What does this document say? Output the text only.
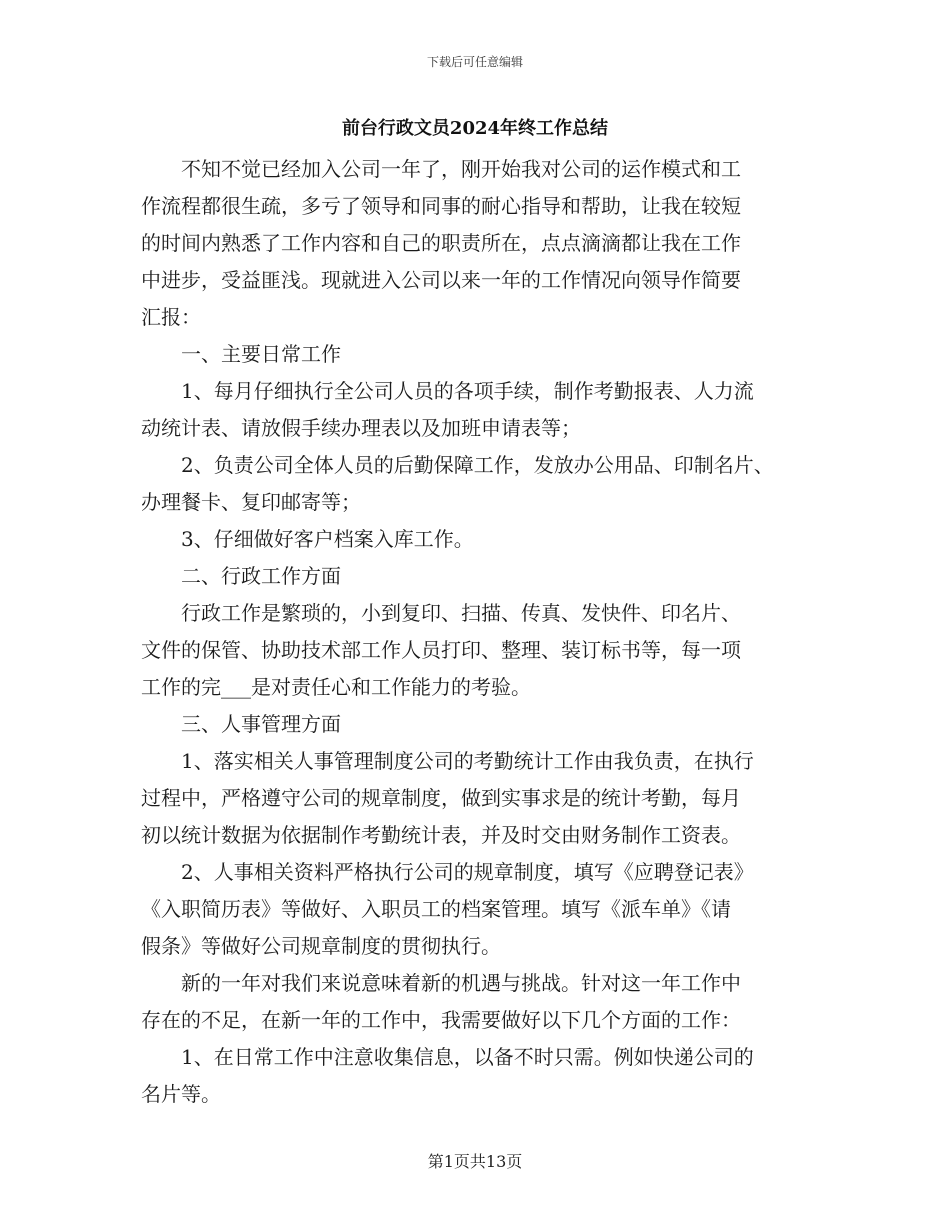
下载后可任意编辑
前台行政文员2024年终工作总结

不知不觉已经加入公司一年了，刚开始我对公司的运作模式和工
作流程都很生疏，多亏了领导和同事的耐心指导和帮助，让我在较短
的时间内熟悉了工作内容和自己的职责所在，点点滴滴都让我在工作
中进步，受益匪浅。现就进入公司以来一年的工作情况向领导作简要
汇报：

一、主要日常工作

1、每月仔细执行全公司人员的各项手续，制作考勤报表、人力流
动统计表、请放假手续办理表以及加班申请表等；

2、负责公司全体人员的后勤保障工作，发放办公用品、印制名片、
办理餐卡、复印邮寄等；

3、仔细做好客户档案入库工作。

二、行政工作方面

行政工作是繁琐的，小到复印、扫描、传真、发快件、印名片、
文件的保管、协助技术部工作人员打印、整理、装订标书等，每一项
工作的完___是对责任心和工作能力的考验。

三、人事管理方面

1、落实相关人事管理制度公司的考勤统计工作由我负责，在执行
过程中，严格遵守公司的规章制度，做到实事求是的统计考勤，每月
初以统计数据为依据制作考勤统计表，并及时交由财务制作工资表。

2、人事相关资料严格执行公司的规章制度，填写《应聘登记表》
《入职简历表》等做好、入职员工的档案管理。填写《派车单》《请
假条》等做好公司规章制度的贯彻执行。

新的一年对我们来说意味着新的机遇与挑战。针对这一年工作中
存在的不足，在新一年的工作中，我需要做好以下几个方面的工作：

1、在日常工作中注意收集信息，以备不时只需。例如快递公司的
名片等。

第1页共13页
